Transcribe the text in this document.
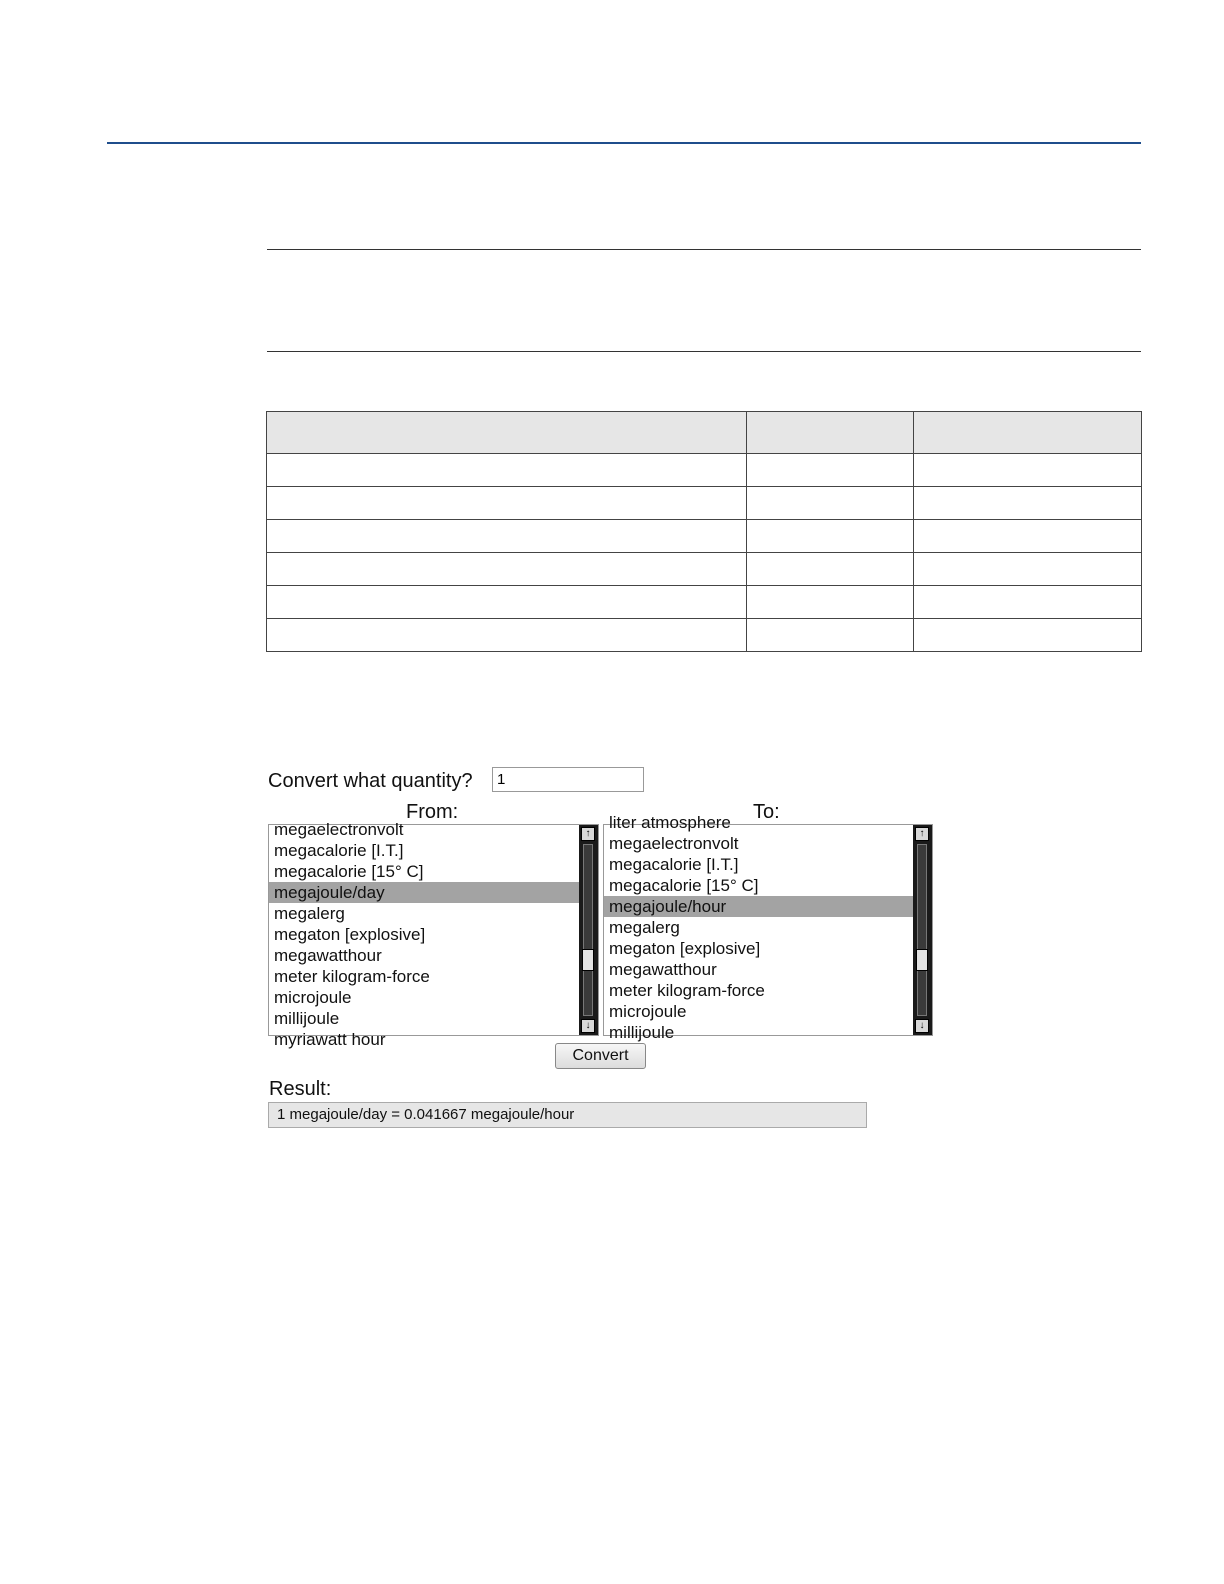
Convert what quantity?
1
From:	To:
megaelectronvolt
megacalorie [I.T.]
megacalorie [15° C]
megajoule/day
megalerg
megaton [explosive]
megawatthour
meter kilogram-force
microjoule
millijoule
myriawatt hour
↑
↓
liter atmosphere
megaelectronvolt
megacalorie [I.T.]
megacalorie [15° C]
megajoule/hour
megalerg
megaton [explosive]
megawatthour
meter kilogram-force
microjoule
millijoule
↑
↓
Convert
Result:
1 megajoule/day = 0.041667 megajoule/hour
